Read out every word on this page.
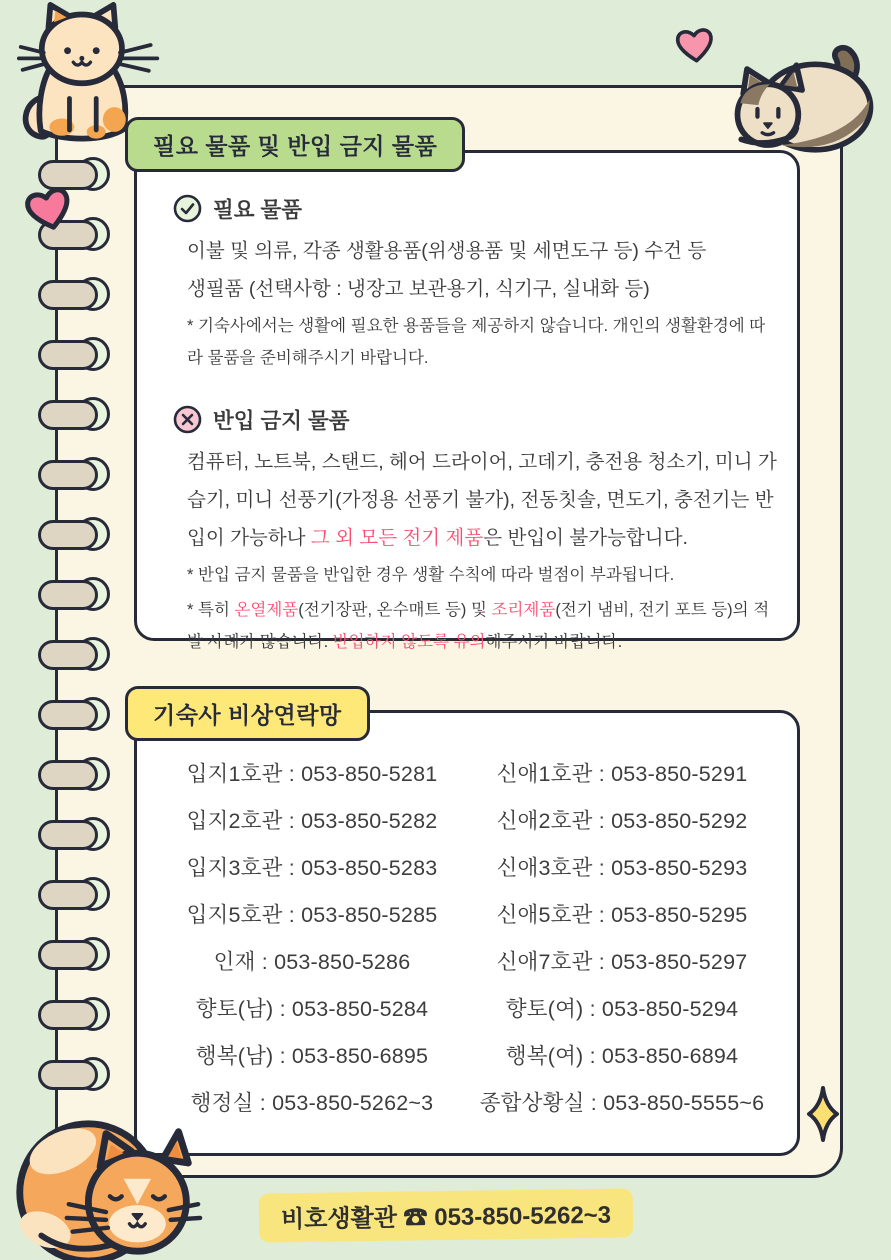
필요 물품 및 반입 금지 물품
필요 물품
이불 및 의류, 각종 생활용품(위생용품 및 세면도구 등) 수건 등
생필품 (선택사항 : 냉장고 보관용기, 식기구, 실내화 등)
* 기숙사에서는 생활에 필요한 용품들을 제공하지 않습니다. 개인의 생활환경에 따라 물품을 준비해주시기 바랍니다.
반입 금지 물품
컴퓨터, 노트북, 스탠드, 헤어 드라이어, 고데기, 충전용 청소기, 미니 가습기, 미니 선풍기(가정용 선풍기 불가), 전동칫솔, 면도기, 충전기는 반입이 가능하나 그 외 모든 전기 제품은 반입이 불가능합니다.
* 반입 금지 물품을 반입한 경우 생활 수칙에 따라 벌점이 부과됩니다.
* 특히 온열제품(전기장판, 온수매트 등) 및 조리제품(전기 냄비, 전기 포트 등)의 적발 사례가 많습니다. 반입하지 않도록 유의해주시기 바랍니다.
기숙사 비상연락망
입지1호관 : 053-850-5281
입지2호관 : 053-850-5282
입지3호관 : 053-850-5283
입지5호관 : 053-850-5285
인재 : 053-850-5286
향토(남) : 053-850-5284
행복(남) : 053-850-6895
행정실 : 053-850-5262~3
신애1호관 : 053-850-5291
신애2호관 : 053-850-5292
신애3호관 : 053-850-5293
신애5호관 : 053-850-5295
신애7호관 : 053-850-5297
향토(여) : 053-850-5294
행복(여) : 053-850-6894
종합상황실 : 053-850-5555~6
비호생활관 ☎ 053-850-5262~3
